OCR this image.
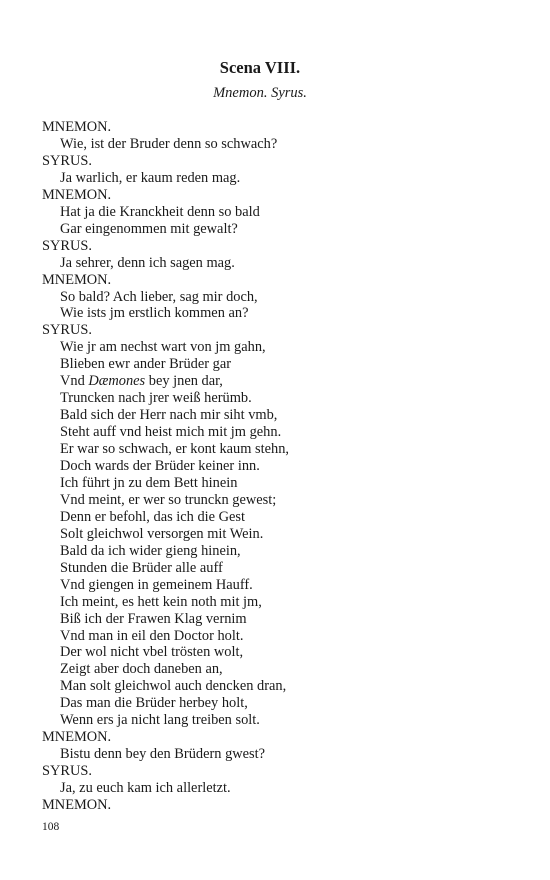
Scena VIII.
Mnemon. Syrus.
MNEMON.
Wie, ist der Bruder denn so schwach?
SYRUS.
Ja warlich, er kaum reden mag.
MNEMON.
Hat ja die Kranckheit denn so bald
Gar eingenommen mit gewalt?
SYRUS.
Ja sehrer, denn ich sagen mag.
MNEMON.
So bald? Ach lieber, sag mir doch,
Wie ists jm erstlich kommen an?
SYRUS.
Wie jr am nechst wart von jm gahn,
Blieben ewr ander Brüder gar
Vnd Dæmones bey jnen dar,
Truncken nach jrer weiß herümb.
Bald sich der Herr nach mir siht vmb,
Steht auff vnd heist mich mit jm gehn.
Er war so schwach, er kont kaum stehn,
Doch wards der Brüder keiner inn.
Ich führt jn zu dem Bett hinein
Vnd meint, er wer so trunckn gewest;
Denn er befohl, das ich die Gest
Solt gleichwol versorgen mit Wein.
Bald da ich wider gieng hinein,
Stunden die Brüder alle auff
Vnd giengen in gemeinem Hauff.
Ich meint, es hett kein noth mit jm,
Biß ich der Frawen Klag vernim
Vnd man in eil den Doctor holt.
Der wol nicht vbel trösten wolt,
Zeigt aber doch daneben an,
Man solt gleichwol auch dencken dran,
Das man die Brüder herbey holt,
Wenn ers ja nicht lang treiben solt.
MNEMON.
Bistu denn bey den Brüdern gwest?
SYRUS.
Ja, zu euch kam ich allerletzt.
MNEMON.
108
